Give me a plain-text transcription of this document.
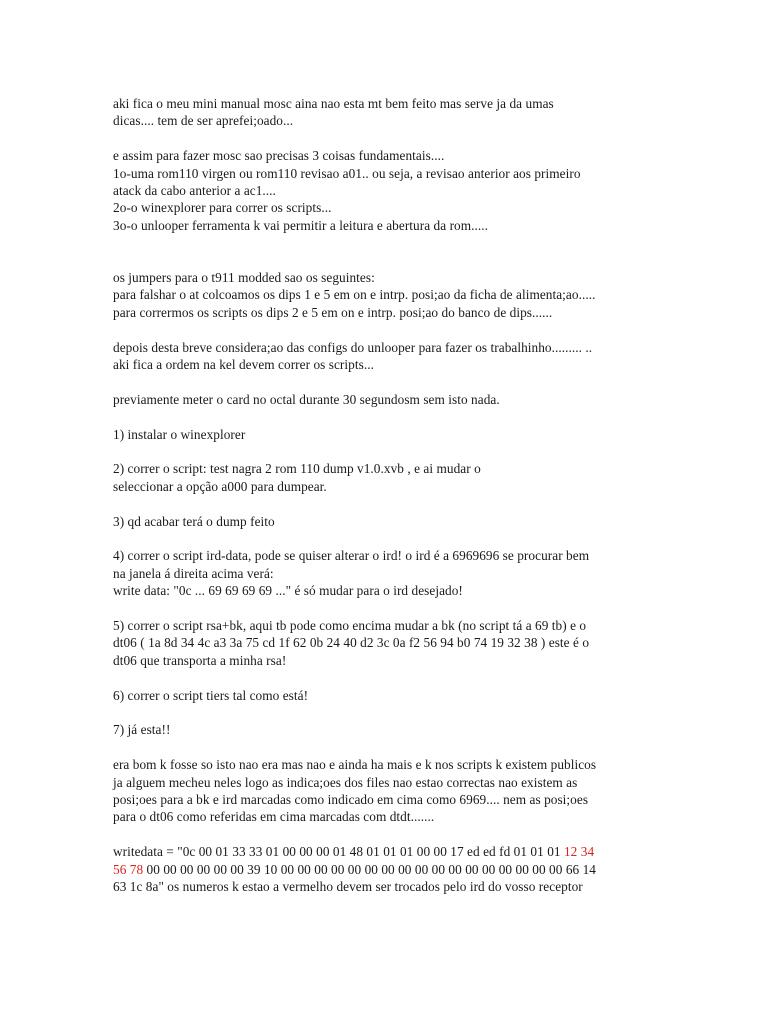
aki fica o meu mini manual mosc aina nao esta mt bem feito mas serve ja da umas
dicas.... tem de ser aprefei;oado...

e assim para fazer mosc sao precisas 3 coisas fundamentais....
1o-uma rom110 virgen ou rom110 revisao a01.. ou seja, a revisao anterior aos primeiro
atack da cabo anterior a ac1....
2o-o winexplorer para correr os scripts...
3o-o unlooper ferramenta k vai permitir a leitura e abertura da rom.....

os jumpers para o t911 modded sao os seguintes:
para falshar o at colcoamos os dips 1 e 5 em on e intrp. posi;ao da ficha de alimenta;ao.....
para corrermos os scripts os dips 2 e 5 em on e intrp. posi;ao do banco de dips......

depois desta breve considera;ao das configs do unlooper para fazer os trabalhinho......... ..
aki fica a ordem na kel devem correr os scripts...

previamente meter o card no octal durante 30 segundosm sem isto nada.

1) instalar o winexplorer

2) correr o script: test nagra 2 rom 110 dump v1.0.xvb , e ai mudar o
seleccionar a opção a000 para dumpear.

3) qd acabar terá o dump feito

4) correr o script ird-data, pode se quiser alterar o ird! o ird é a 6969696 se procurar bem
na janela á direita acima verá:
write data: "0c ... 69 69 69 69 ..." é só mudar para o ird desejado!

5) correr o script rsa+bk, aqui tb pode como encima mudar a bk (no script tá a 69 tb) e o
dt06 ( 1a 8d 34 4c a3 3a 75 cd 1f 62 0b 24 40 d2 3c 0a f2 56 94 b0 74 19 32 38 ) este é o
dt06 que transporta a minha rsa!

6) correr o script tiers tal como está!

7) já esta!!

era bom k fosse so isto nao era mas nao e ainda ha mais e k nos scripts k existem publicos
ja alguem mecheu neles logo as indica;oes dos files nao estao correctas nao existem as
posi;oes para a bk e ird marcadas como indicado em cima como 6969.... nem as posi;oes
para o dt06 como referidas em cima marcadas com dtdt.......

writedata = "0c 00 01 33 33 01 00 00 00 01 48 01 01 01 00 00 17 ed ed fd 01 01 01 12 34
56 78 00 00 00 00 00 00 39 10 00 00 00 00 00 00 00 00 00 00 00 00 00 00 00 00 00 66 14
63 1c 8a" os numeros k estao a vermelho devem ser trocados pelo ird do vosso receptor
